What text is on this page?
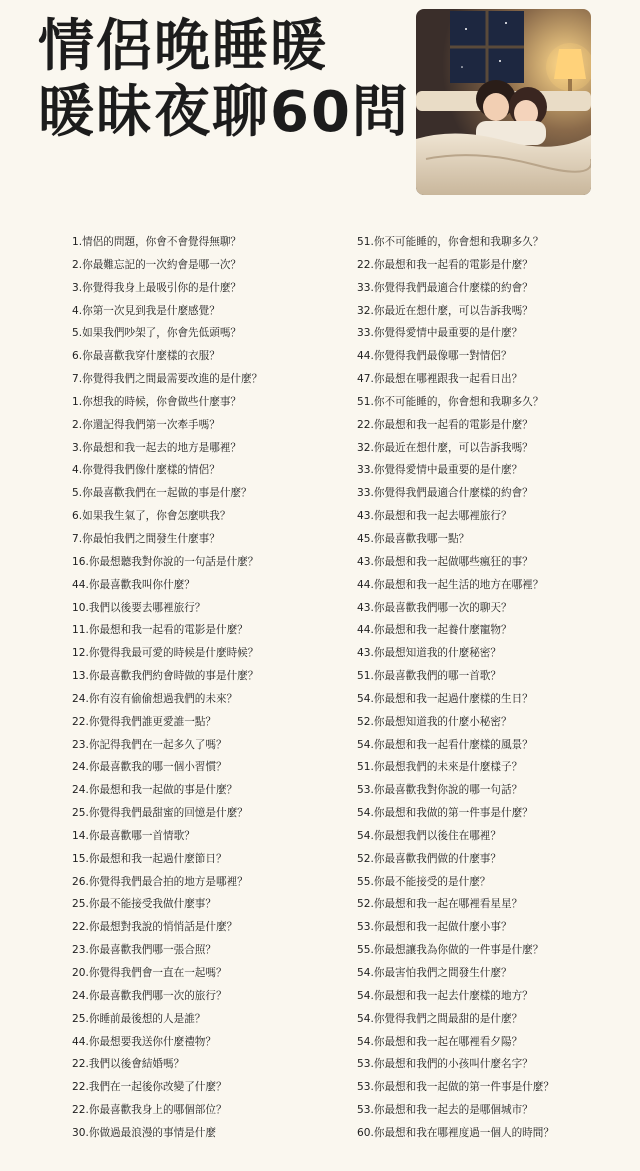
情侶晚睡暖
暖昧夜聊60問
1.情侶的問題，你會不會覺得無聊？
2.你最難忘記的一次約會是哪一次？
3.你覺得我身上最吸引你的是什麼？
4.你第一次見到我是什麼感覺？
5.如果我們吵架了，你會先低頭嗎？
6.你最喜歡我穿什麼樣的衣服？
7.你覺得我們之間最需要改進的是什麼？
1.你想我的時候，你會做些什麼事？
2.你還記得我們第一次牽手嗎？
3.你最想和我一起去的地方是哪裡？
4.你覺得我們像什麼樣的情侶？
5.你最喜歡我們在一起做的事是什麼？
6.如果我生氣了，你會怎麼哄我？
7.你最怕我們之間發生什麼事？
16.你最想聽我對你說的一句話是什麼？
44.你最喜歡我叫你什麼？
10.我們以後要去哪裡旅行？
11.你最想和我一起看的電影是什麼？
12.你覺得我最可愛的時候是什麼時候？
13.你最喜歡我們約會時做的事是什麼？
24.你有沒有偷偷想過我們的未來？
22.你覺得我們誰更愛誰一點？
23.你記得我們在一起多久了嗎？
24.你最喜歡我的哪一個小習慣？
24.你最想和我一起做的事是什麼？
25.你覺得我們最甜蜜的回憶是什麼？
14.你最喜歡哪一首情歌？
15.你最想和我一起過什麼節日？
26.你覺得我們最合拍的地方是哪裡？
25.你最不能接受我做什麼事？
22.你最想對我說的悄悄話是什麼？
23.你最喜歡我們哪一張合照？
20.你覺得我們會一直在一起嗎？
24.你最喜歡我們哪一次的旅行？
25.你睡前最後想的人是誰？
44.你最想要我送你什麼禮物？
22.我們以後會結婚嗎？
22.我們在一起後你改變了什麼？
22.你最喜歡我身上的哪個部位？
30.你做過最浪漫的事情是什麼
51.你不可能睡的，你會想和我聊多久？
22.你最想和我一起看的電影是什麼？
33.你覺得我們最適合什麼樣的約會？
32.你最近在想什麼，可以告訴我嗎？
33.你覺得愛情中最重要的是什麼？
44.你覺得我們最像哪一對情侶？
47.你最想在哪裡跟我一起看日出？
51.你不可能睡的，你會想和我聊多久？
22.你最想和我一起看的電影是什麼？
32.你最近在想什麼，可以告訴我嗎？
33.你覺得愛情中最重要的是什麼？
33.你覺得我們最適合什麼樣的約會？
43.你最想和我一起去哪裡旅行？
45.你最喜歡我哪一點？
43.你最想和我一起做哪些瘋狂的事？
44.你最想和我一起生活的地方在哪裡？
43.你最喜歡我們哪一次的聊天？
44.你最想和我一起養什麼寵物？
43.你最想知道我的什麼秘密？
51.你最喜歡我們的哪一首歌？
54.你最想和我一起過什麼樣的生日？
52.你最想知道我的什麼小秘密？
54.你最想和我一起看什麼樣的風景？
51.你最想我們的未來是什麼樣子？
53.你最喜歡我對你說的哪一句話？
54.你最想和我做的第一件事是什麼？
54.你最想我們以後住在哪裡？
52.你最喜歡我們做的什麼事？
55.你最不能接受的是什麼？
52.你最想和我一起在哪裡看星星？
53.你最想和我一起做什麼小事？
55.你最想讓我為你做的一件事是什麼？
54.你最害怕我們之間發生什麼？
54.你最想和我一起去什麼樣的地方？
54.你覺得我們之間最甜的是什麼？
54.你最想和我一起在哪裡看夕陽？
53.你最想和我們的小孩叫什麼名字？
53.你最想和我一起做的第一件事是什麼？
53.你最想和我一起去的是哪個城市？
60.你最想和我在哪裡度過一個人的時間？
